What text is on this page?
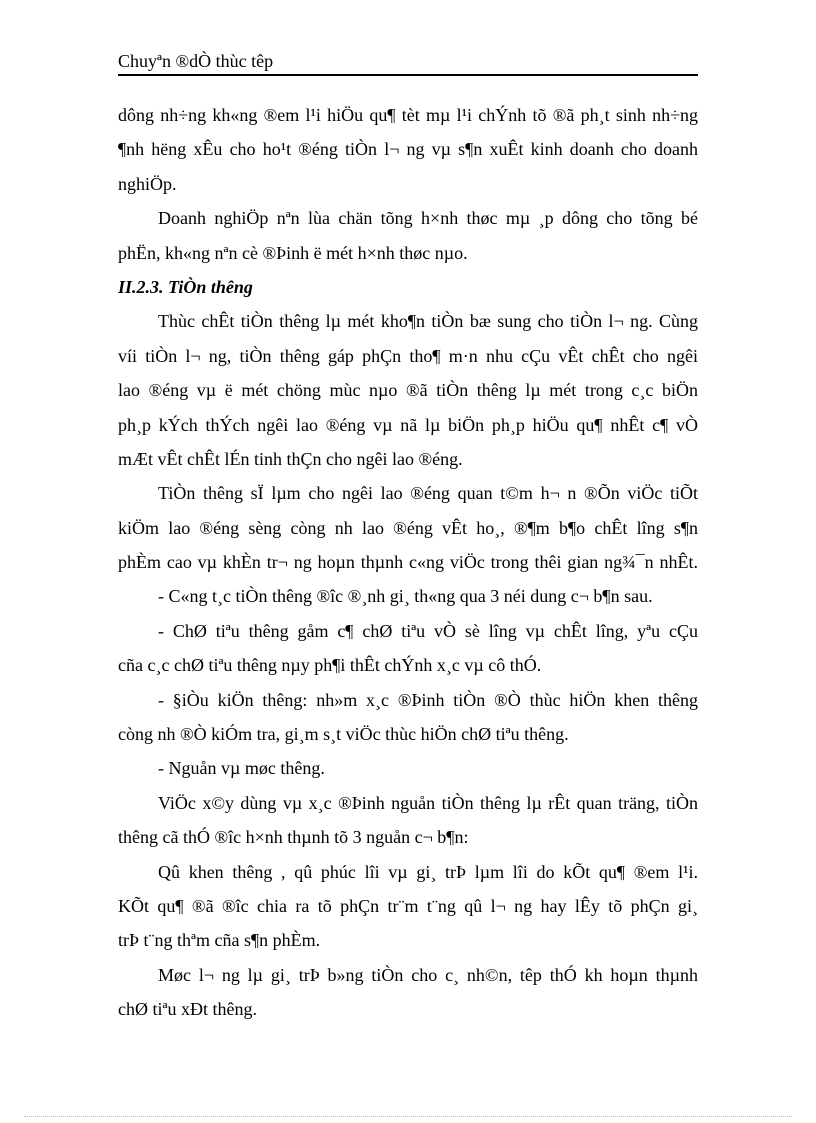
Chuyªn ®dÒ thùc têp
dông nh÷ng kh«ng ®em l¹i hiÖu qu¶ tèt mµ l¹i chÝnh tõ ®ã ph¸t sinh nh÷ng
¶nh hëng xÊu cho ho¹t ®éng tiÒn l¬ ng vµ s¶n xuÊt kinh doanh cho doanh
nghiÖp.
Doanh nghiÖp nªn lùa chän tõng h×nh thøc mµ ¸p dông cho tõng bé
phËn, kh«ng nªn cè ®Þinh ë mét h×nh thøc nµo.
II.2.3. TiÒn thêng
Thùc chÊt tiÒn thêng lµ mét kho¶n tiÒn bæ sung cho tiÒn l¬ ng. Cùng
víi tiÒn l¬ ng, tiÒn thêng gáp phÇn tho¶ m·n nhu cÇu vÊt chÊt cho ngêi
lao ®éng vµ ë mét chöng mùc nµo ®ã tiÒn thêng lµ mét trong c¸c biÖn
ph¸p kÝch thÝch ngêi lao ®éng vµ nã lµ biÖn ph¸p hiÖu qu¶ nhÊt c¶ vÒ
mÆt vÊt chÊt lÉn tinh thÇn cho ngêi lao ®éng.
TiÒn thêng sÏ lµm cho ngêi lao ®éng quan t©m h¬ n ®Õn viÖc tiÕt
kiÖm lao ®éng sèng còng nh lao ®éng vÊt ho¸, ®¶m b¶o chÊt lîng s¶n
phÈm cao vµ khÈn tr¬ ng hoµn thµnh c«ng viÖc trong thêi gian ng¾¯n nhÊt.
- C«ng t¸c tiÒn thêng ®îc ®¸nh gi¸ th«ng qua 3 néi dung c¬ b¶n sau.
- ChØ tiªu thêng gåm c¶ chØ tiªu vÒ sè lîng vµ chÊt lîng, yªu cÇu
cña c¸c chØ tiªu thêng nµy ph¶i thÊt chÝnh x¸c vµ cô thÓ.
- §iÒu kiÖn thêng: nh»m x¸c ®Þinh tiÒn ®Ò thùc hiÖn khen thêng
còng nh ®Ò kiÓm tra, gi¸m s¸t viÖc thùc hiÖn chØ tiªu thêng.
- Nguån vµ møc thêng.
ViÖc x©y dùng vµ x¸c ®Þinh nguån tiÒn thêng lµ rÊt quan träng, tiÒn
thêng cã thÓ ®îc h×nh thµnh tõ 3 nguån c¬ b¶n:
Qû khen thêng , qû phúc lîi vµ gi¸ trÞ lµm lîi do kÕt qu¶ ®em l¹i.
KÕt qu¶ ®ã ®îc chia ra tõ phÇn tr¨m t¨ng qû l¬ ng hay lÊy tõ phÇn gi¸
trÞ t¨ng thªm cña s¶n phÈm.
Møc l¬ ng lµ gi¸ trÞ b»ng tiÒn cho c¸ nh©n, têp thÓ kh hoµn thµnh
chØ tiªu xÐt thêng.
